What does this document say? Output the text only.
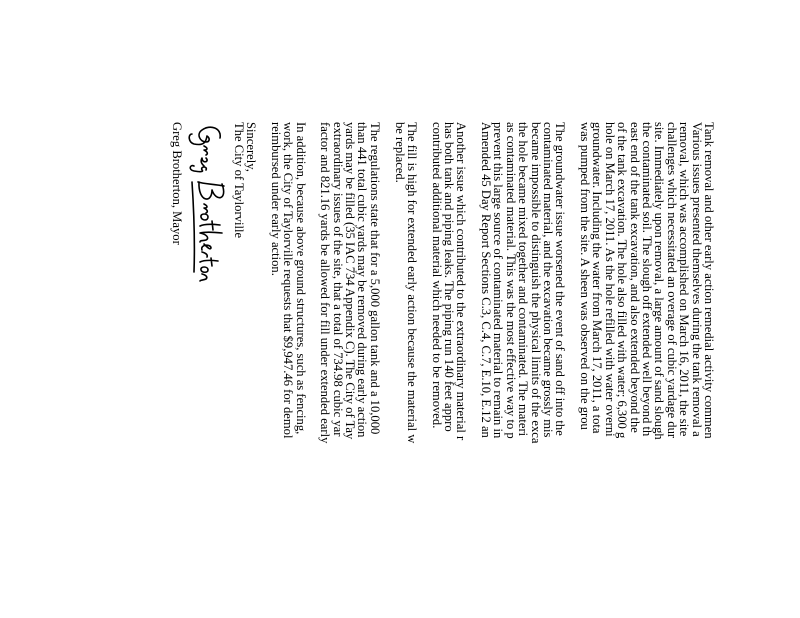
Tank removal and other early action remedial activity commen
Various issues presented themselves during the tank removal a
removal, which was accomplished on March 16, 2011, the site
challenges which necessitated an overage of cubic yardage dur
site. Immediately upon removal, a large amount of sand slough
the contaminated soil. The slough off extended well beyond th
east end of the tank excavation, and also extended beyond the
of the tank excavation. The hole also filled with water; 6,300 g
hole on March 17, 2011. As the hole refilled with water overni
groundwater. Including the water from March 17, 2011, a tota
was pumped from the site. A sheen was observed on the grou
The groundwater issue worsened the event of sand off into the
contaminated material, and the excavation became grossly mis
became impossible to distinguish the physical limits of the exca
the hole became mixed together and contaminated. The materi
as contaminated material. This was the most effective way to p
prevent this large source of contaminated material to remain in
Amended 45 Day Report Sections C.3, C.4, C.7, E.10, E.12 an
Another issue which contributed to the extraordinary material r
has both tank and piping leaks. The piping run 140 feet appro
contributed additional material which needed to be removed.
The fill is high for extended early action because the material w
be replaced.
The regulations state that for a 5,000 gallon tank and a 10,000
than 441 total cubic yards may be removed during early action
yards may be filled (35 IAC 734 Appendix C). The City of Tay
extraordinary issues of the site, that a total of 734.98 cubic yar
factor and 821.16 yards be allowed for fill under extended early
In addition, because above ground structures, such as fencing,
work, the City of Taylorville requests that $9,947.46 for demol
reimbursed under early action.
Sincerely,
The City of Taylorville
Greg Brotherton, Mayor
